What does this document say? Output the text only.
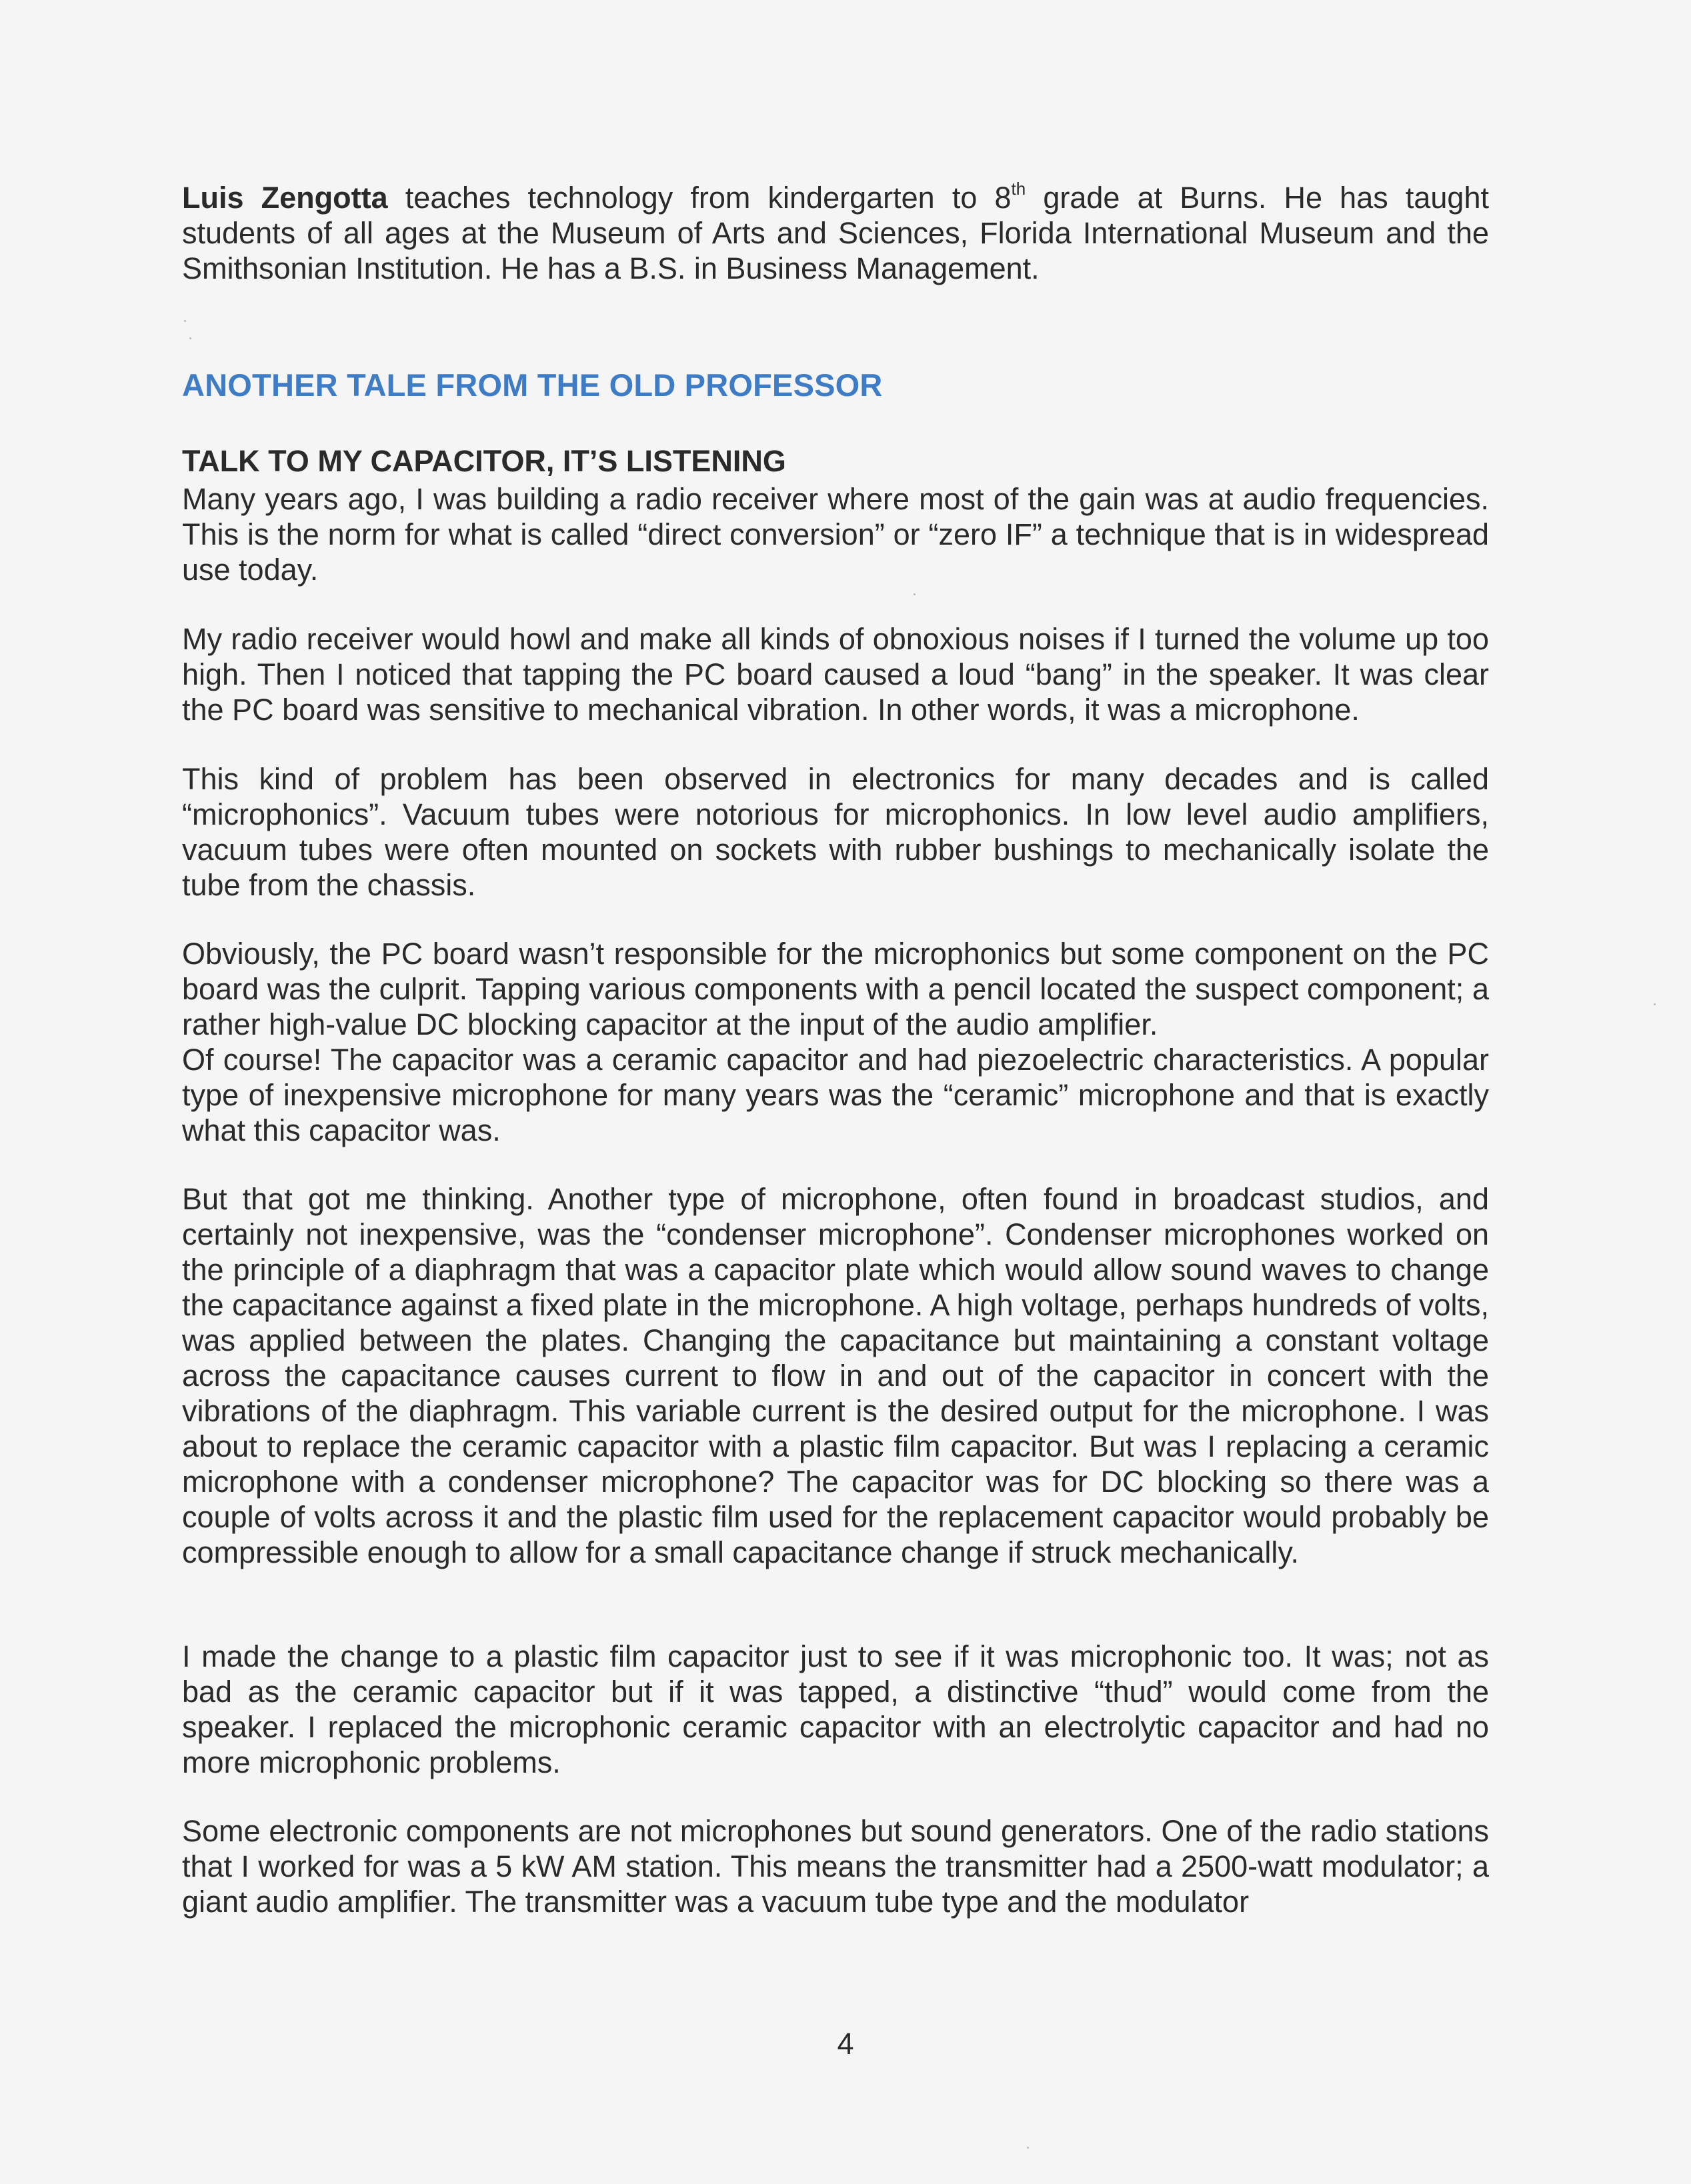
Luis Zengotta teaches technology from kindergarten to 8th grade at Burns. He has taught students of all ages at the Museum of Arts and Sciences, Florida International Museum and the Smithsonian Institution. He has a B.S. in Business Management.

ANOTHER TALE FROM THE OLD PROFESSOR
TALK TO MY CAPACITOR, IT’S LISTENING

Many years ago, I was building a radio receiver where most of the gain was at audio frequencies. This is the norm for what is called “direct conversion” or “zero IF” a technique that is in widespread use today.

My radio receiver would howl and make all kinds of obnoxious noises if I turned the volume up too high. Then I noticed that tapping the PC board caused a loud “bang” in the speaker. It was clear the PC board was sensitive to mechanical vibration. In other words, it was a microphone.

This kind of problem has been observed in electronics for many decades and is called “microphonics”. Vacuum tubes were notorious for microphonics. In low level audio amplifiers, vacuum tubes were often mounted on sockets with rubber bushings to mechanically isolate the tube from the chassis.

Obviously, the PC board wasn’t responsible for the microphonics but some component on the PC board was the culprit. Tapping various components with a pencil located the suspect component; a rather high-value DC blocking capacitor at the input of the audio amplifier.

Of course! The capacitor was a ceramic capacitor and had piezoelectric characteristics. A popular type of inexpensive microphone for many years was the “ceramic” microphone and that is exactly what this capacitor was.

But that got me thinking. Another type of microphone, often found in broadcast studios, and certainly not inexpensive, was the “condenser microphone”. Condenser microphones worked on the principle of a diaphragm that was a capacitor plate which would allow sound waves to change the capacitance against a fixed plate in the microphone. A high voltage, perhaps hundreds of volts, was applied between the plates. Changing the capacitance but maintaining a constant voltage across the capacitance causes current to flow in and out of the capacitor in concert with the vibrations of the diaphragm. This variable current is the desired output for the microphone. I was about to replace the ceramic capacitor with a plastic film capacitor. But was I replacing a ceramic microphone with a condenser microphone? The capacitor was for DC blocking so there was a couple of volts across it and the plastic film used for the replacement capacitor would probably be compressible enough to allow for a small capacitance change if struck mechanically.

I made the change to a plastic film capacitor just to see if it was microphonic too. It was; not as bad as the ceramic capacitor but if it was tapped, a distinctive “thud” would come from the speaker. I replaced the microphonic ceramic capacitor with an electrolytic capacitor and had no more microphonic problems.

Some electronic components are not microphones but sound generators. One of the radio stations that I worked for was a 5 kW AM station. This means the transmitter had a 2500-watt modulator; a giant audio amplifier. The transmitter was a vacuum tube type and the modulator

4
